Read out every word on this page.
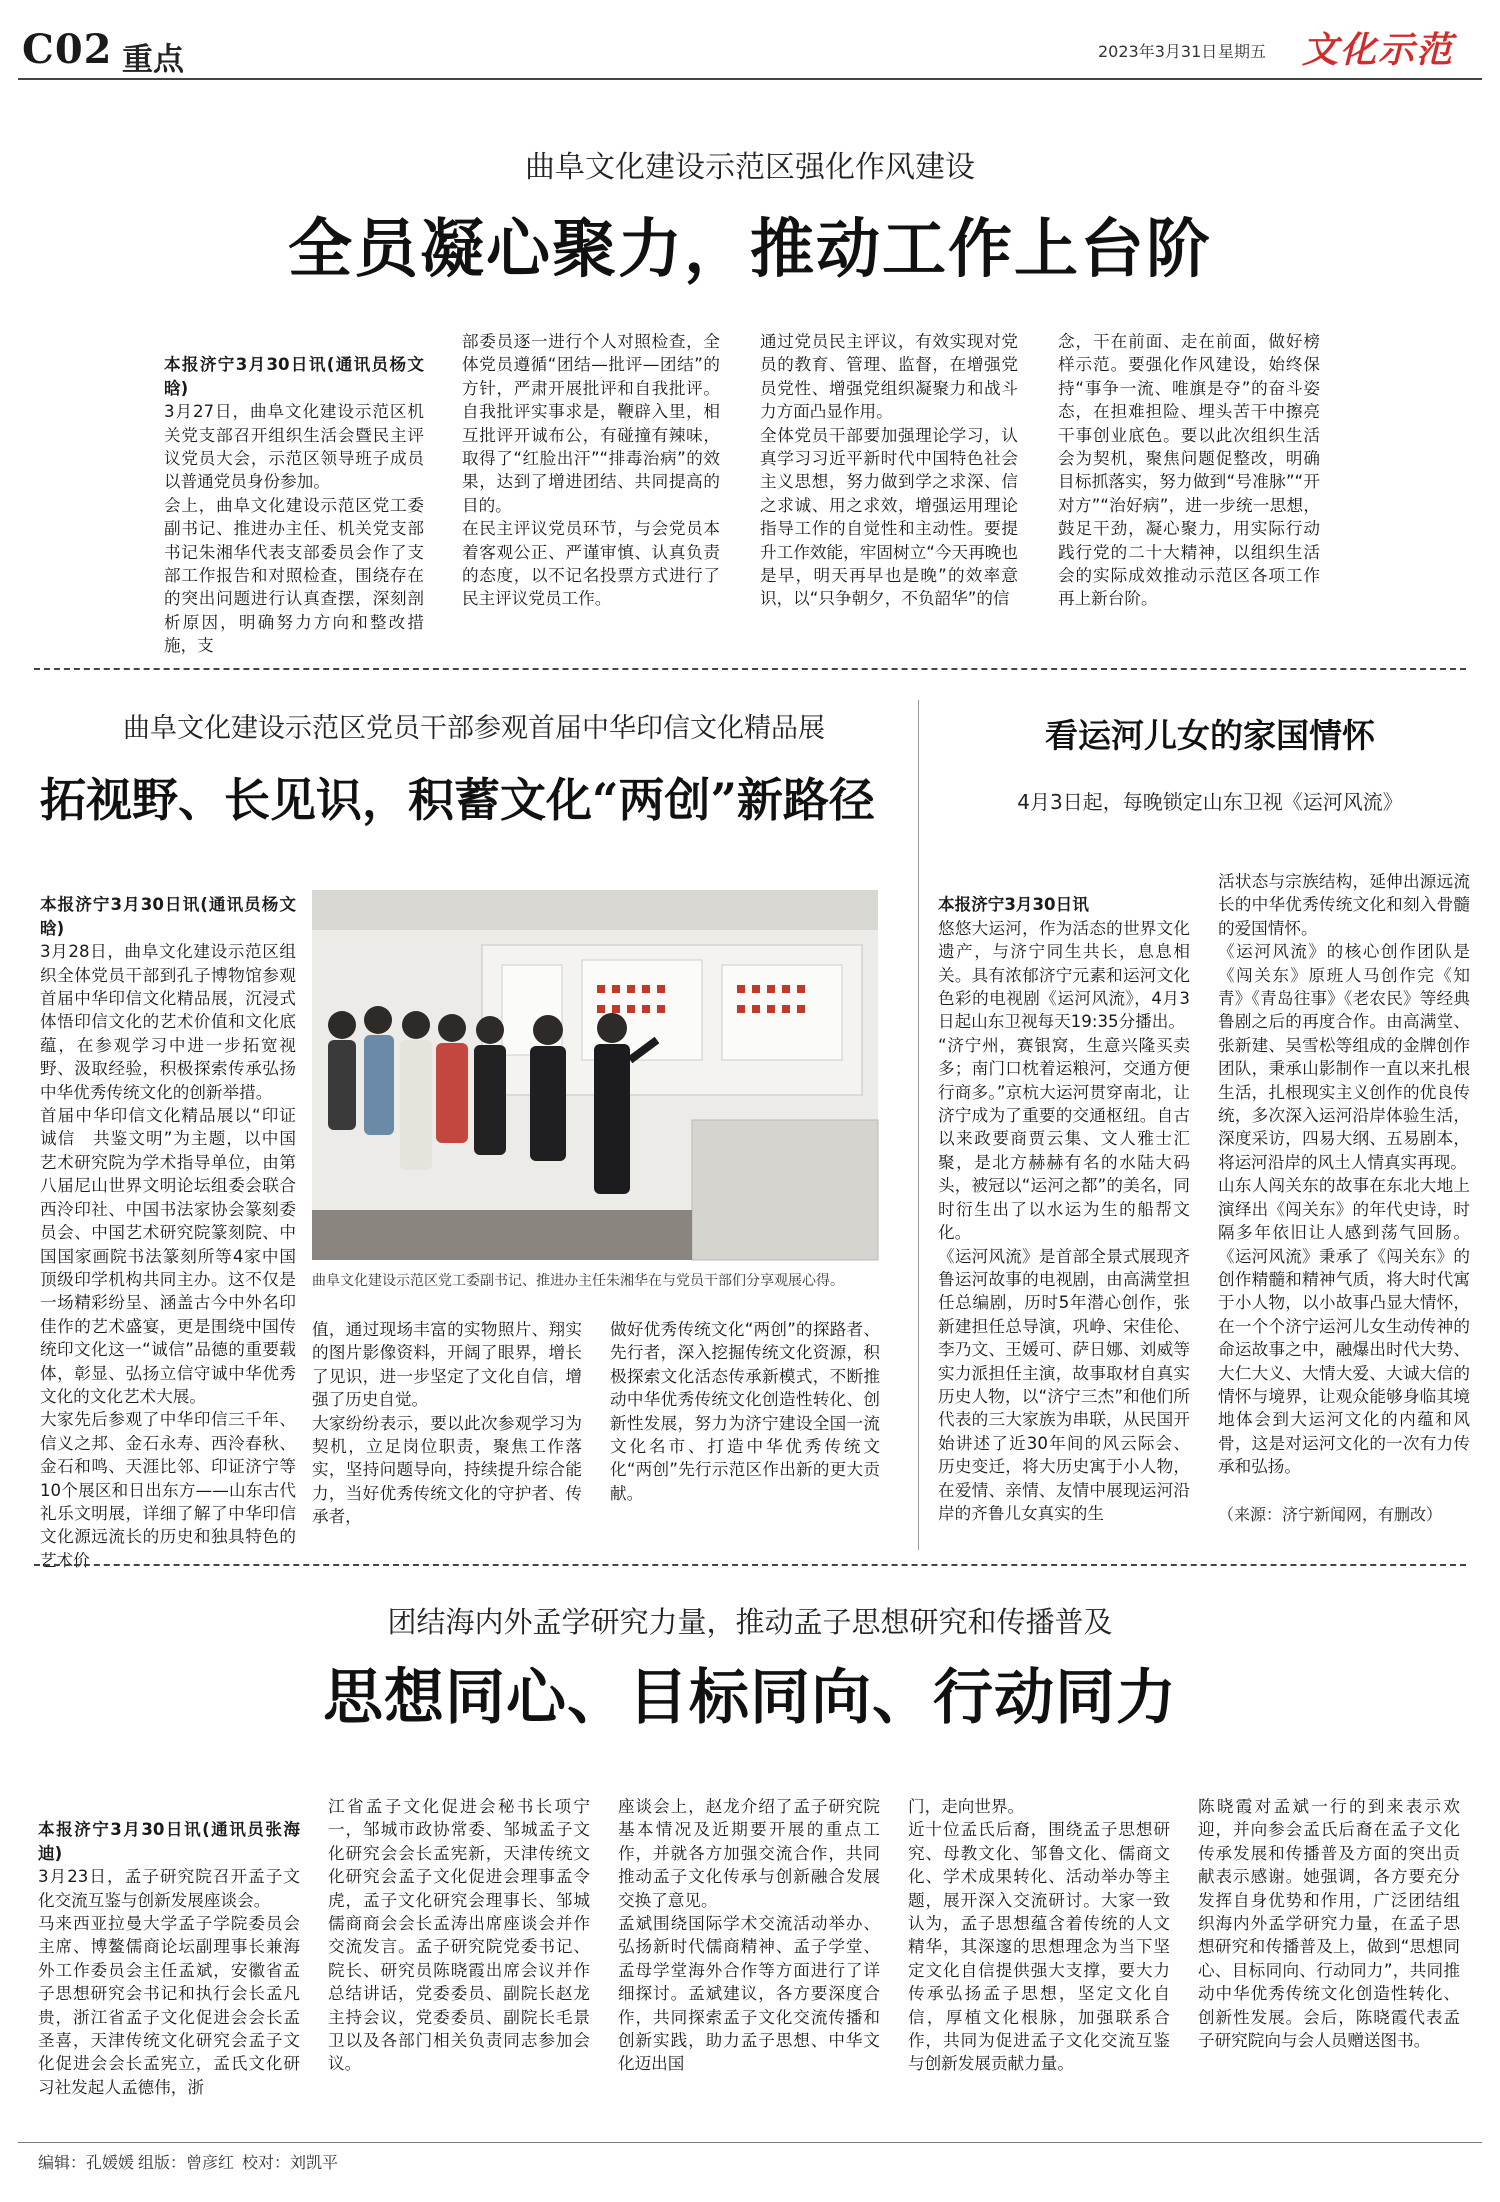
C02 重点	2023年3月31日 星期五 文化示范
曲阜文化建设示范区强化作风建设
全员凝心聚力，推动工作上台阶

本报济宁3月30日讯(通讯员杨文晗)
3月27日，曲阜文化建设示范区机关党支部召开组织生活会暨民主评议党员大会，示范区领导班子成员以普通党员身份参加。
会上，曲阜文化建设示范区党工委副书记、推进办主任、机关党支部书记朱湘华代表支部委员会作了支部工作报告和对照检查，围绕存在的突出问题进行认真查摆，深刻剖析原因，明确努力方向和整改措施，支

部委员逐一进行个人对照检查，全体党员遵循“团结—批评—团结”的方针，严肃开展批评和自我批评。自我批评实事求是，鞭辟入里，相互批评开诚布公，有碰撞有辣味，取得了“红脸出汗”“排毒治病”的效果，达到了增进团结、共同提高的目的。
在民主评议党员环节，与会党员本着客观公正、严谨审慎、认真负责的态度，以不记名投票方式进行了民主评议党员工作。
通过党员民主评议，有效实现对党员的教育、管理、监督，在增强党员党性、增强党组织凝聚力和战斗力方面凸显作用。
全体党员干部要加强理论学习，认真学习习近平新时代中国特色社会主义思想，努力做到学之求深、信之求诚、用之求效，增强运用理论指导工作的自觉性和主动性。要提升工作效能，牢固树立“今天再晚也是早，明天再早也是晚”的效率意识，以“只争朝夕，不负韶华”的信
念，干在前面、走在前面，做好榜样示范。要强化作风建设，始终保持“事争一流、唯旗是夺”的奋斗姿态，在担难担险、埋头苦干中擦亮干事创业底色。要以此次组织生活会为契机，聚焦问题促整改，明确目标抓落实，努力做到“号准脉”“开对方”“治好病”，进一步统一思想，鼓足干劲，凝心聚力，用实际行动践行党的二十大精神，以组织生活会的实际成效推动示范区各项工作再上新台阶。
曲阜文化建设示范区党员干部参观首届中华印信文化精品展
拓视野、长见识，积蓄文化“两创”新路径

本报济宁3月30日讯(通讯员杨文晗)
3月28日，曲阜文化建设示范区组织全体党员干部到孔子博物馆参观首届中华印信文化精品展，沉浸式体悟印信文化的艺术价值和文化底蕴，在参观学习中进一步拓宽视野、汲取经验，积极探索传承弘扬中华优秀传统文化的创新举措。
首届中华印信文化精品展以“印证诚信　共鉴文明”为主题，以中国艺术研究院为学术指导单位，由第八届尼山世界文明论坛组委会联合西泠印社、中国书法家协会篆刻委员会、中国艺术研究院篆刻院、中国国家画院书法篆刻所等4家中国顶级印学机构共同主办。这不仅是一场精彩纷呈、涵盖古今中外名印佳作的艺术盛宴，更是围绕中国传统印文化这一“诚信”品德的重要载体，彰显、弘扬立信守诚中华优秀文化的文化艺术大展。
大家先后参观了中华印信三千年、信义之邦、金石永寿、西泠春秋、金石和鸣、天涯比邻、印证济宁等10个展区和日出东方——山东古代礼乐文明展，详细了解了中华印信文化源远流长的历史和独具特色的艺术价

曲阜文化建设示范区党工委副书记、推进办主任朱湘华在与党员干部们分享观展心得。
值，通过现场丰富的实物照片、翔实的图片影像资料，开阔了眼界，增长了见识，进一步坚定了文化自信，增强了历史自觉。
大家纷纷表示，要以此次参观学习为契机，立足岗位职责，聚焦工作落实，坚持问题导向，持续提升综合能力，当好优秀传统文化的守护者、传承者，
做好优秀传统文化“两创”的探路者、先行者，深入挖掘传统文化资源，积极探索文化活态传承新模式，不断推动中华优秀传统文化创造性转化、创新性发展，努力为济宁建设全国一流文化名市、打造中华优秀传统文化“两创”先行示范区作出新的更大贡献。
看运河儿女的家国情怀
4月3日起，每晚锁定山东卫视《运河风流》

本报济宁3月30日讯
悠悠大运河，作为活态的世界文化遗产，与济宁同生共长，息息相关。具有浓郁济宁元素和运河文化色彩的电视剧《运河风流》，4月3日起山东卫视每天19:35分播出。
“济宁州，赛银窝，生意兴隆买卖多；南门口枕着运粮河，交通方便行商多。”京杭大运河贯穿南北，让济宁成为了重要的交通枢纽。自古以来政要商贾云集、文人雅士汇聚，是北方赫赫有名的水陆大码头，被冠以“运河之都”的美名，同时衍生出了以水运为生的船帮文化。
《运河风流》是首部全景式展现齐鲁运河故事的电视剧，由高满堂担任总编剧，历时5年潜心创作，张新建担任总导演，巩峥、宋佳伦、李乃文、王媛可、萨日娜、刘威等实力派担任主演，故事取材自真实历史人物，以“济宁三杰”和他们所代表的三大家族为串联，从民国开始讲述了近30年间的风云际会、历史变迁，将大历史寓于小人物，在爱情、亲情、友情中展现运河沿岸的齐鲁儿女真实的生

活状态与宗族结构，延伸出源远流长的中华优秀传统文化和刻入骨髓的爱国情怀。
《运河风流》的核心创作团队是《闯关东》原班人马创作完《知青》《青岛往事》《老农民》等经典鲁剧之后的再度合作。由高满堂、张新建、吴雪松等组成的金牌创作团队，秉承山影制作一直以来扎根生活，扎根现实主义创作的优良传统，多次深入运河沿岸体验生活，深度采访，四易大纲、五易剧本，将运河沿岸的风土人情真实再现。
山东人闯关东的故事在东北大地上演绎出《闯关东》的年代史诗，时隔多年依旧让人感到荡气回肠。《运河风流》秉承了《闯关东》的创作精髓和精神气质，将大时代寓于小人物，以小故事凸显大情怀，在一个个济宁运河儿女生动传神的命运故事之中，融爆出时代大势、大仁大义、大情大爱、大诚大信的情怀与境界，让观众能够身临其境地体会到大运河文化的内蕴和风骨，这是对运河文化的一次有力传承和弘扬。
（来源：济宁新闻网，有删改）
团结海内外孟学研究力量，推动孟子思想研究和传播普及
思想同心、目标同向、行动同力

本报济宁3月30日讯(通讯员张海迪)
3月23日，孟子研究院召开孟子文化交流互鉴与创新发展座谈会。
马来西亚拉曼大学孟子学院委员会主席、博鳌儒商论坛副理事长兼海外工作委员会主任孟斌，安徽省孟子思想研究会书记和执行会长孟凡贵，浙江省孟子文化促进会会长孟圣喜，天津传统文化研究会孟子文化促进会会长孟宪立，孟氏文化研习社发起人孟德伟，浙

江省孟子文化促进会秘书长项宁一，邹城市政协常委、邹城孟子文化研究会会长孟宪新，天津传统文化研究会孟子文化促进会理事孟令虎，孟子文化研究会理事长、邹城儒商商会会长孟涛出席座谈会并作交流发言。孟子研究院党委书记、院长、研究员陈晓霞出席会议并作总结讲话，党委委员、副院长赵龙主持会议，党委委员、副院长毛景卫以及各部门相关负责同志参加会议。
座谈会上，赵龙介绍了孟子研究院基本情况及近期要开展的重点工作，并就各方加强交流合作，共同推动孟子文化传承与创新融合发展交换了意见。
孟斌围绕国际学术交流活动举办、弘扬新时代儒商精神、孟子学堂、孟母学堂海外合作等方面进行了详细探讨。孟斌建议，各方要深度合作，共同探索孟子文化交流传播和创新实践，助力孟子思想、中华文化迈出国
门，走向世界。
近十位孟氏后裔，围绕孟子思想研究、母教文化、邹鲁文化、儒商文化、学术成果转化、活动举办等主题，展开深入交流研讨。大家一致认为，孟子思想蕴含着传统的人文精华，其深邃的思想理念为当下坚定文化自信提供强大支撑，要大力传承弘扬孟子思想，坚定文化自信，厚植文化根脉，加强联系合作，共同为促进孟子文化交流互鉴与创新发展贡献力量。
陈晓霞对孟斌一行的到来表示欢迎，并向参会孟氏后裔在孟子文化传承发展和传播普及方面的突出贡献表示感谢。她强调，各方要充分发挥自身优势和作用，广泛团结组织海内外孟学研究力量，在孟子思想研究和传播普及上，做到“思想同心、目标同向、行动同力”，共同推动中华优秀传统文化创造性转化、创新性发展。会后，陈晓霞代表孟子研究院向与会人员赠送图书。
编辑：孔媛媛 组版：曾彦红 校对：刘凯平
